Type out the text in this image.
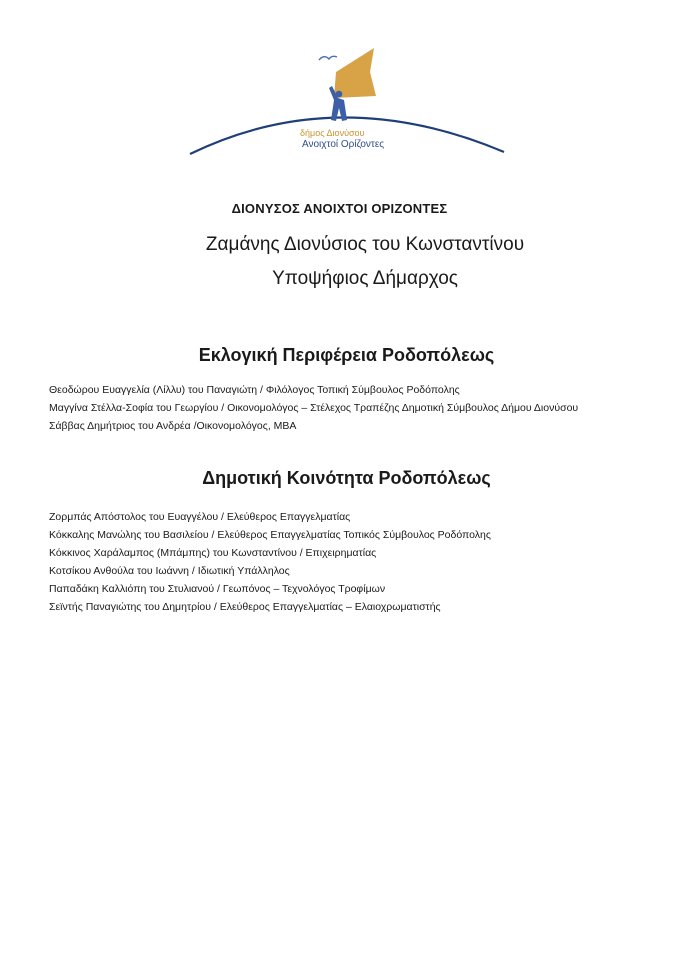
δήμος Διονύσου
Ανοιχτοί Ορίζοντες
ΔΙΟΝΥΣΟΣ ΑΝΟΙΧΤΟΙ ΟΡΙΖΟΝΤΕΣ
Ζαμάνης Διονύσιος του Κωνσταντίνου
Υποψήφιος Δήμαρχος
Εκλογική Περιφέρεια Ροδοπόλεως
Θεοδώρου Ευαγγελία (Λίλλυ) του Παναγιώτη / Φιλόλογος Τοπική Σύμβουλος Ροδόπολης
Μαγγίνα Στέλλα-Σοφία του Γεωργίου / Οικονομολόγος – Στέλεχος Τραπέζης Δημοτική Σύμβουλος Δήμου Διονύσου
Σάββας Δημήτριος του Ανδρέα /Οικονομολόγος, MBA
Δημοτική Κοινότητα Ροδοπόλεως
Ζορμπάς Απόστολος του Ευαγγέλου / Ελεύθερος Επαγγελματίας
Κόκκαλης Μανώλης του Βασιλείου / Ελεύθερος Επαγγελματίας Τοπικός Σύμβουλος Ροδόπολης
Κόκκινος Χαράλαμπος (Μπάμπης) του Κωνσταντίνου / Επιχειρηματίας
Κοτσίκου Ανθούλα του Ιωάννη / Ιδιωτική Υπάλληλος
Παπαδάκη Καλλιόπη του Στυλιανού / Γεωπόνος – Τεχνολόγος Τροφίμων
Σεϊντής Παναγιώτης του Δημητρίου / Ελεύθερος Επαγγελματίας – Ελαιοχρωματιστής
